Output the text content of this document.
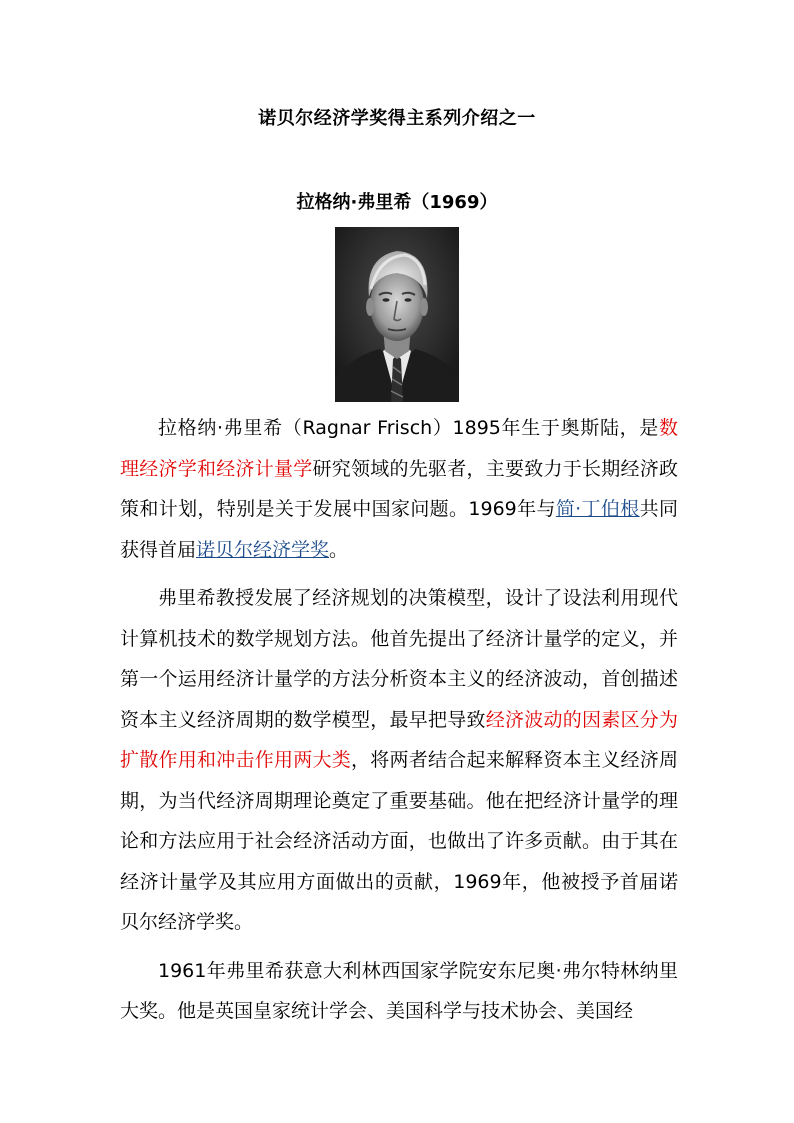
诺贝尔经济学奖得主系列介绍之一
拉格纳·弗里希（1969）

拉格纳·弗里希（Ragnar Frisch）1895年生于奥斯陆，是数理经济学和经济计量学研究领域的先驱者，主要致力于长期经济政策和计划，特别是关于发展中国家问题。1969年与简·丁伯根共同获得首届诺贝尔经济学奖。

弗里希教授发展了经济规划的决策模型，设计了设法利用现代计算机技术的数学规划方法。他首先提出了经济计量学的定义，并第一个运用经济计量学的方法分析资本主义的经济波动，首创描述资本主义经济周期的数学模型，最早把导致经济波动的因素区分为扩散作用和冲击作用两大类，将两者结合起来解释资本主义经济周期，为当代经济周期理论奠定了重要基础。他在把经济计量学的理论和方法应用于社会经济活动方面，也做出了许多贡献。由于其在经济计量学及其应用方面做出的贡献，1969年，他被授予首届诺贝尔经济学奖。

1961年弗里希获意大利林西国家学院安东尼奥·弗尔特林纳里大奖。他是英国皇家统计学会、美国科学与技术协会、美国经
